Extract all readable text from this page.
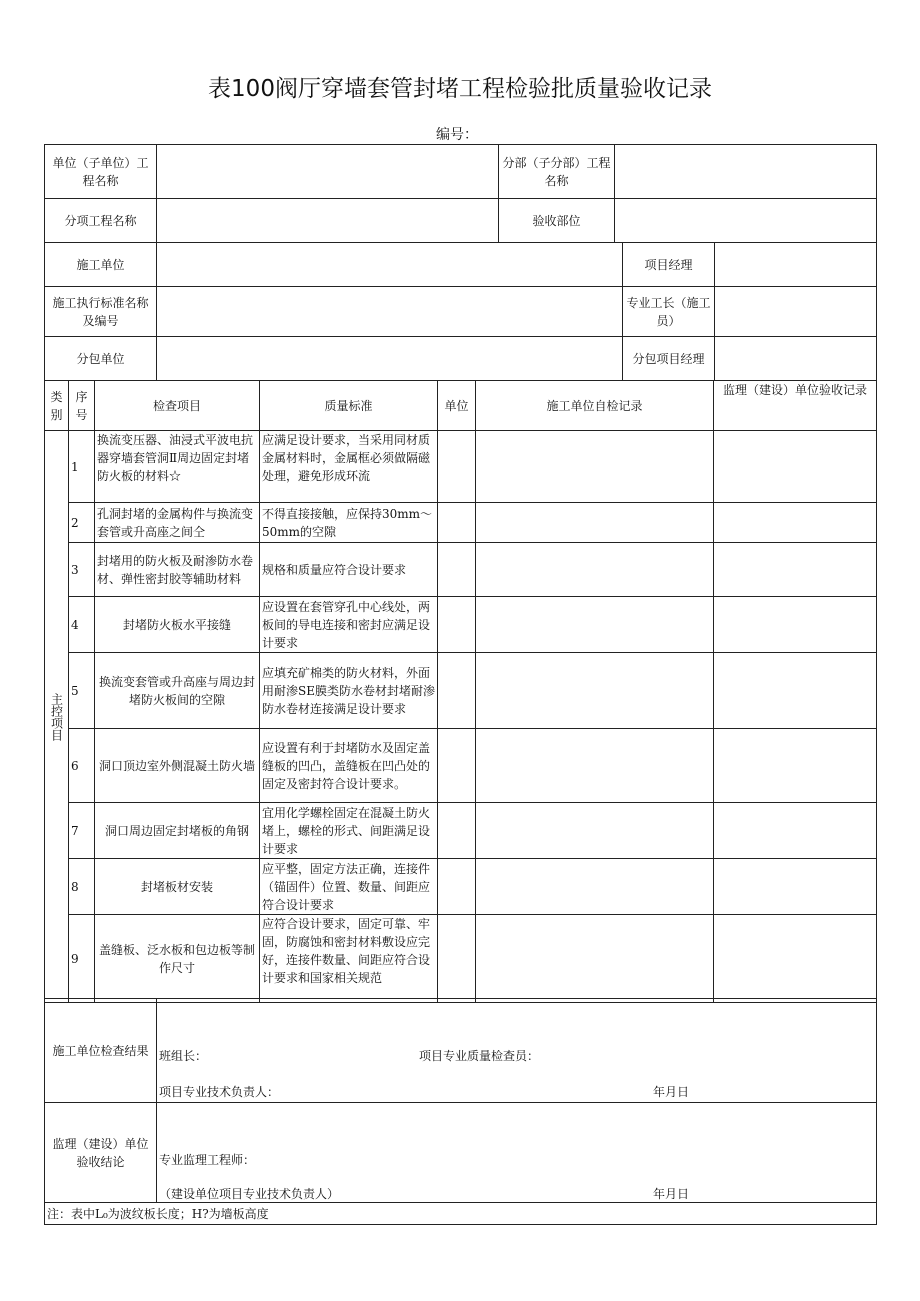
表100阀厅穿墙套管封堵工程检验批质量验收记录
编号：
单位（子单位）工程名称		分部（子分部）工程名称	
分项工程名称		验收部位	
施工单位		项目经理	
施工执行标准名称及编号		专业工长（施工员）	
分包单位		分包项目经理	
类别	序号	检查项目	质量标准	单位	施工单位自检记录	监理（建设）单位验收记录

主控项目	1	换流变压器、油浸式平波电抗器穿墙套管洞Ⅱ周边固定封堵防火板的材料☆	应满足设计要求，当采用同材质金属材料时，金属框必须做隔磁处理，避免形成环流			
	2	孔洞封堵的金属构件与换流变套管或升高座之间仝	不得直接接触，应保持30mm～50mm的空隙			
	3	封堵用的防火板及耐渗防水卷材、弹性密封胶等辅助材料	规格和质量应符合设计要求			
	4	封堵防火板水平接缝	应设置在套管穿孔中心线处，两板间的导电连接和密封应满足设计要求			
	5	换流变套管或升高座与周边封堵防火板间的空隙	应填充矿棉类的防火材料，外面用耐渗SE膜类防水卷材封堵耐渗防水卷材连接满足设计要求			
	6	洞口顶边室外侧混凝土防火墙	应设置有利于封堵防水及固定盖缝板的凹凸，盖缝板在凹凸处的固定及密封符合设计要求。			
	7	洞口周边固定封堵板的角钢	宜用化学螺栓固定在混凝土防火堵上，螺栓的形式、间距满足设计要求			
	8	封堵板材安装	应平整，固定方法正确，连接件（锚固件）位置、数量、间距应符合设计要求			
	9	盖缝板、泛水板和包边板等制作尺寸	应符合设计要求，固定可靠、牢固，防腐蚀和密封材料敷设应完好，连接件数量、间距应符合设计要求和国家相关规范			
施工单位检查结果	班组长： 项目专业质量检查员：
项目专业技术负责人： 年月日

监理（建设）单位验收结论	专业监理工程师：
（建设单位项目专业技术负责人） 年月日

注：表中L₀为波纹板长度；H?为墙板高度	
